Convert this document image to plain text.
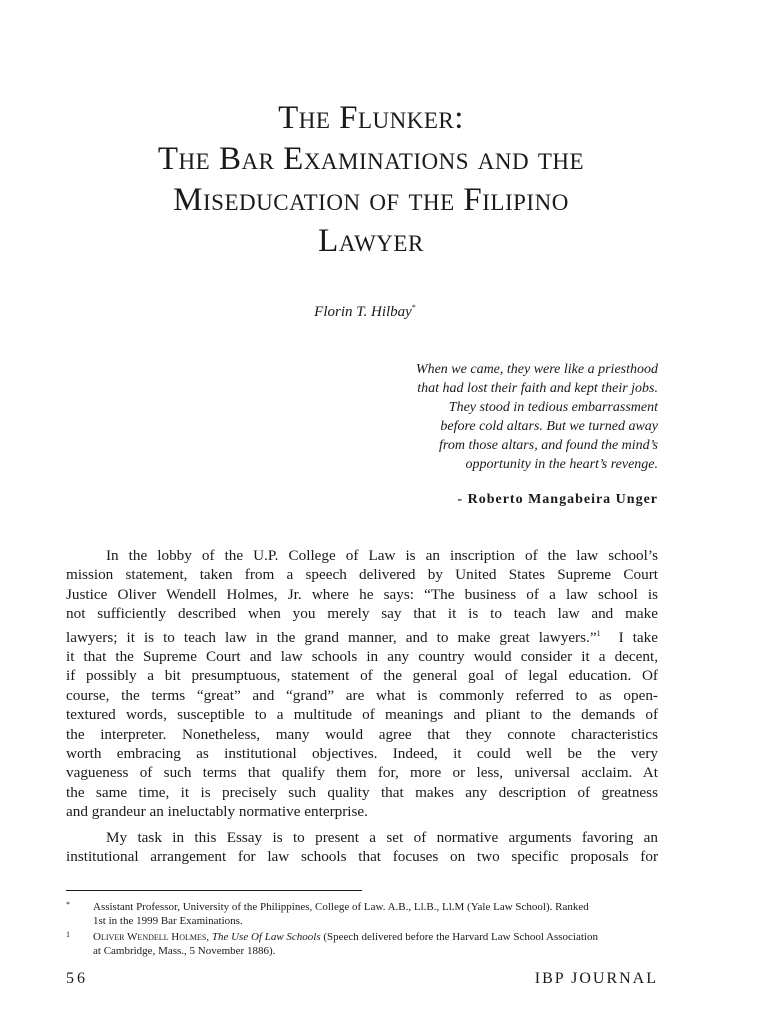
The Flunker:
The Bar Examinations and the
Miseducation of the Filipino
Lawyer
Florin T. Hilbay*
When we came, they were like a priesthood
that had lost their faith and kept their jobs.
They stood in tedious embarrassment
before cold altars. But we turned away
from those altars, and found the mind’s
opportunity in the heart’s revenge.
- Roberto Mangabeira Unger
In the lobby of the U.P. College of Law is an inscription of the law school’s
mission statement, taken from a speech delivered by United States Supreme Court
Justice Oliver Wendell Holmes, Jr. where he says: “The business of a law school is
not sufficiently described when you merely say that it is to teach law and make
lawyers; it is to teach law in the grand manner, and to make great lawyers.”$^1$  I take
it that the Supreme Court and law schools in any country would consider it a decent,
if possibly a bit presumptuous, statement of the general goal of legal education. Of
course, the terms “great” and “grand” are what is commonly referred to as open-
textured words, susceptible to a multitude of meanings and pliant to the demands of
the interpreter. Nonetheless, many would agree that they connote characteristics
worth embracing as institutional objectives. Indeed, it could well be the very
vagueness of such terms that qualify them for, more or less, universal acclaim. At
the same time, it is precisely such quality that makes any description of greatness
and grandeur an ineluctably normative enterprise.
My task in this Essay is to present a set of normative arguments favoring an
institutional arrangement for law schools that focuses on two specific proposals for
* Assistant Professor, University of the Philippines, College of Law. A.B., Ll.B., Ll.M (Yale Law School). Ranked
1st in the 1999 Bar Examinations.
1 Oliver Wendell Holmes, The Use Of Law Schools (Speech delivered before the Harvard Law School Association
at Cambridge, Mass., 5 November 1886).
56	IBP JOURNAL
